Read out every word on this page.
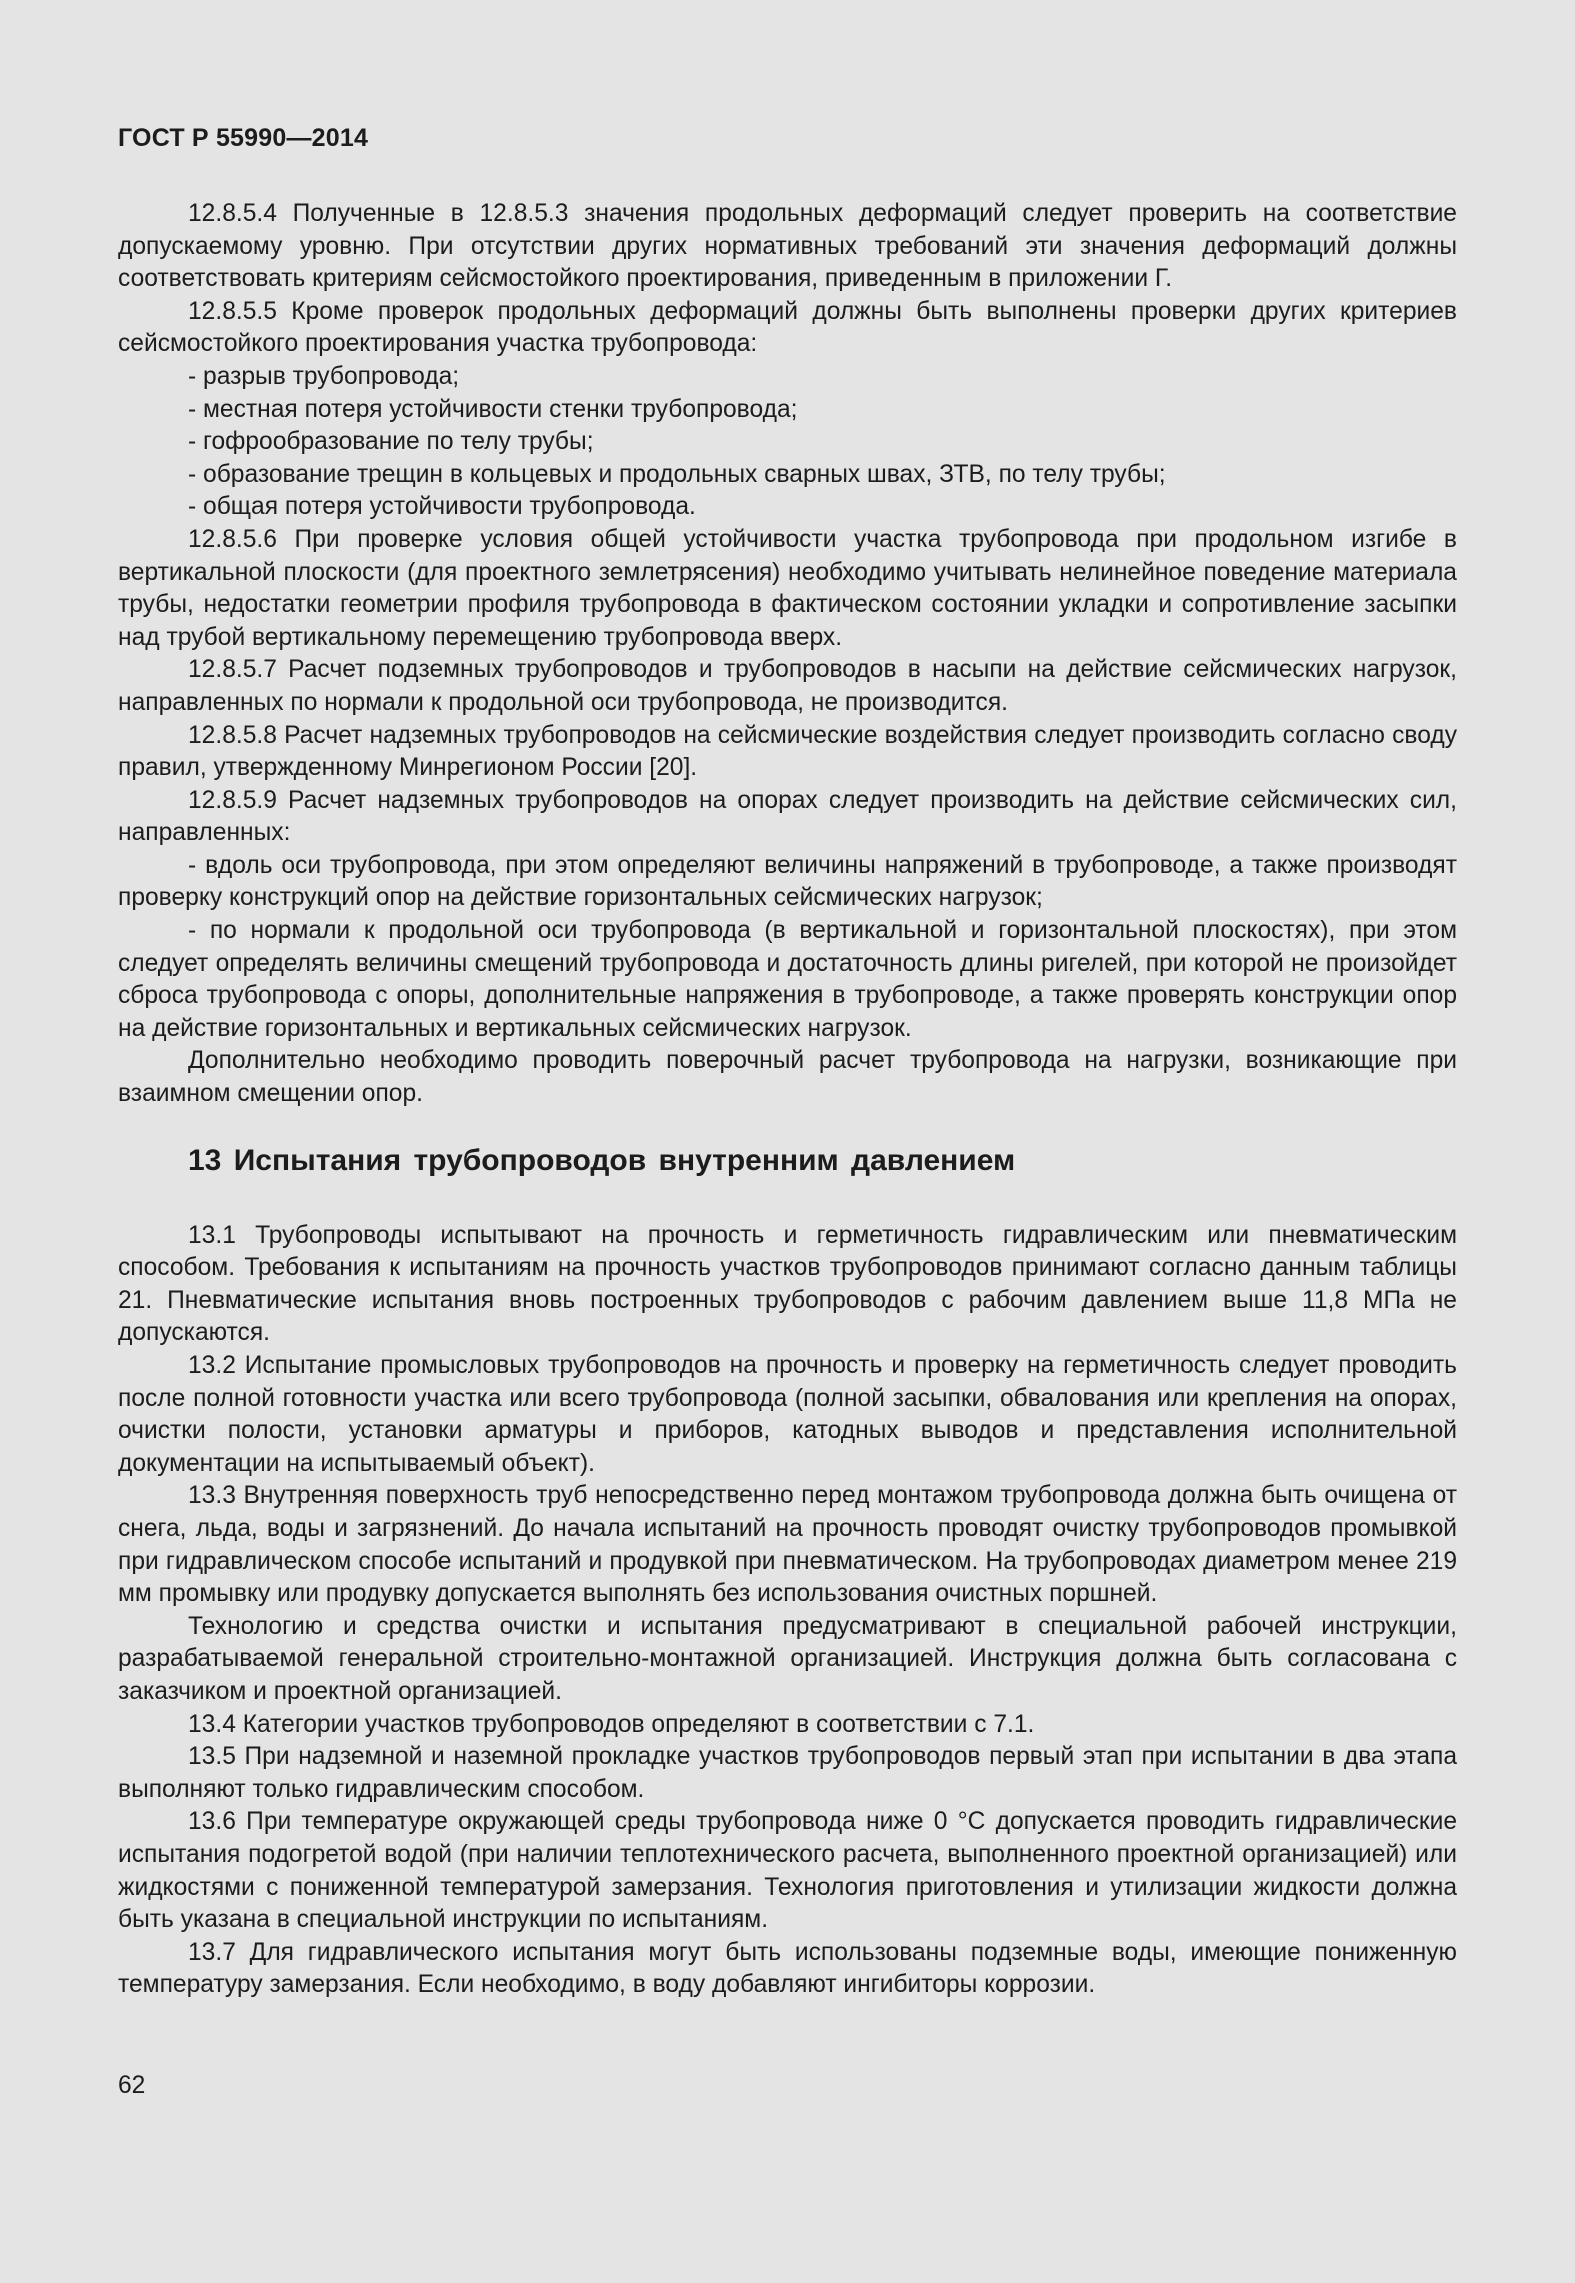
ГОСТ Р 55990—2014

12.8.5.4 Полученные в 12.8.5.3 значения продольных деформаций следует проверить на соответствие допускаемому уровню. При отсутствии других нормативных требований эти значения деформаций должны соответствовать критериям сейсмостойкого проектирования, приведенным в приложении Г.

12.8.5.5 Кроме проверок продольных деформаций должны быть выполнены проверки других критериев сейсмостойкого проектирования участка трубопровода:

- разрыв трубопровода;

- местная потеря устойчивости стенки трубопровода;

- гофрообразование по телу трубы;

- образование трещин в кольцевых и продольных сварных швах, ЗТВ, по телу трубы;

- общая потеря устойчивости трубопровода.

12.8.5.6 При проверке условия общей устойчивости участка трубопровода при продольном изгибе в вертикальной плоскости (для проектного землетрясения) необходимо учитывать нелинейное поведение материала трубы, недостатки геометрии профиля трубопровода в фактическом состоянии укладки и сопротивление засыпки над трубой вертикальному перемещению трубопровода вверх.

12.8.5.7 Расчет подземных трубопроводов и трубопроводов в насыпи на действие сейсмических нагрузок, направленных по нормали к продольной оси трубопровода, не производится.

12.8.5.8 Расчет надземных трубопроводов на сейсмические воздействия следует производить согласно своду правил, утвержденному Минрегионом России [20].

12.8.5.9 Расчет надземных трубопроводов на опорах следует производить на действие сейсмических сил, направленных:

- вдоль оси трубопровода, при этом определяют величины напряжений в трубопроводе, а также производят проверку конструкций опор на действие горизонтальных сейсмических нагрузок;

- по нормали к продольной оси трубопровода (в вертикальной и горизонтальной плоскостях), при этом следует определять величины смещений трубопровода и достаточность длины ригелей, при которой не произойдет сброса трубопровода с опоры, дополнительные напряжения в трубопроводе, а также проверять конструкции опор на действие горизонтальных и вертикальных сейсмических нагрузок.

Дополнительно необходимо проводить поверочный расчет трубопровода на нагрузки, возникающие при взаимном смещении опор.

13 Испытания трубопроводов внутренним давлением

13.1 Трубопроводы испытывают на прочность и герметичность гидравлическим или пневматическим способом. Требования к испытаниям на прочность участков трубопроводов принимают согласно данным таблицы 21. Пневматические испытания вновь построенных трубопроводов с рабочим давлением выше 11,8 МПа не допускаются.

13.2 Испытание промысловых трубопроводов на прочность и проверку на герметичность следует проводить после полной готовности участка или всего трубопровода (полной засыпки, обвалования или крепления на опорах, очистки полости, установки арматуры и приборов, катодных выводов и представления исполнительной документации на испытываемый объект).

13.3 Внутренняя поверхность труб непосредственно перед монтажом трубопровода должна быть очищена от снега, льда, воды и загрязнений. До начала испытаний на прочность проводят очистку трубопроводов промывкой при гидравлическом способе испытаний и продувкой при пневматическом. На трубопроводах диаметром менее 219 мм промывку или продувку допускается выполнять без использования очистных поршней.

Технологию и средства очистки и испытания предусматривают в специальной рабочей инструкции, разрабатываемой генеральной строительно-монтажной организацией. Инструкция должна быть согласована с заказчиком и проектной организацией.

13.4 Категории участков трубопроводов определяют в соответствии с 7.1.

13.5 При надземной и наземной прокладке участков трубопроводов первый этап при испытании в два этапа выполняют только гидравлическим способом.

13.6 При температуре окружающей среды трубопровода ниже 0 °С допускается проводить гидравлические испытания подогретой водой (при наличии теплотехнического расчета, выполненного проектной организацией) или жидкостями с пониженной температурой замерзания. Технология приготовления и утилизации жидкости должна быть указана в специальной инструкции по испытаниям.

13.7 Для гидравлического испытания могут быть использованы подземные воды, имеющие пониженную температуру замерзания. Если необходимо, в воду добавляют ингибиторы коррозии.

62
